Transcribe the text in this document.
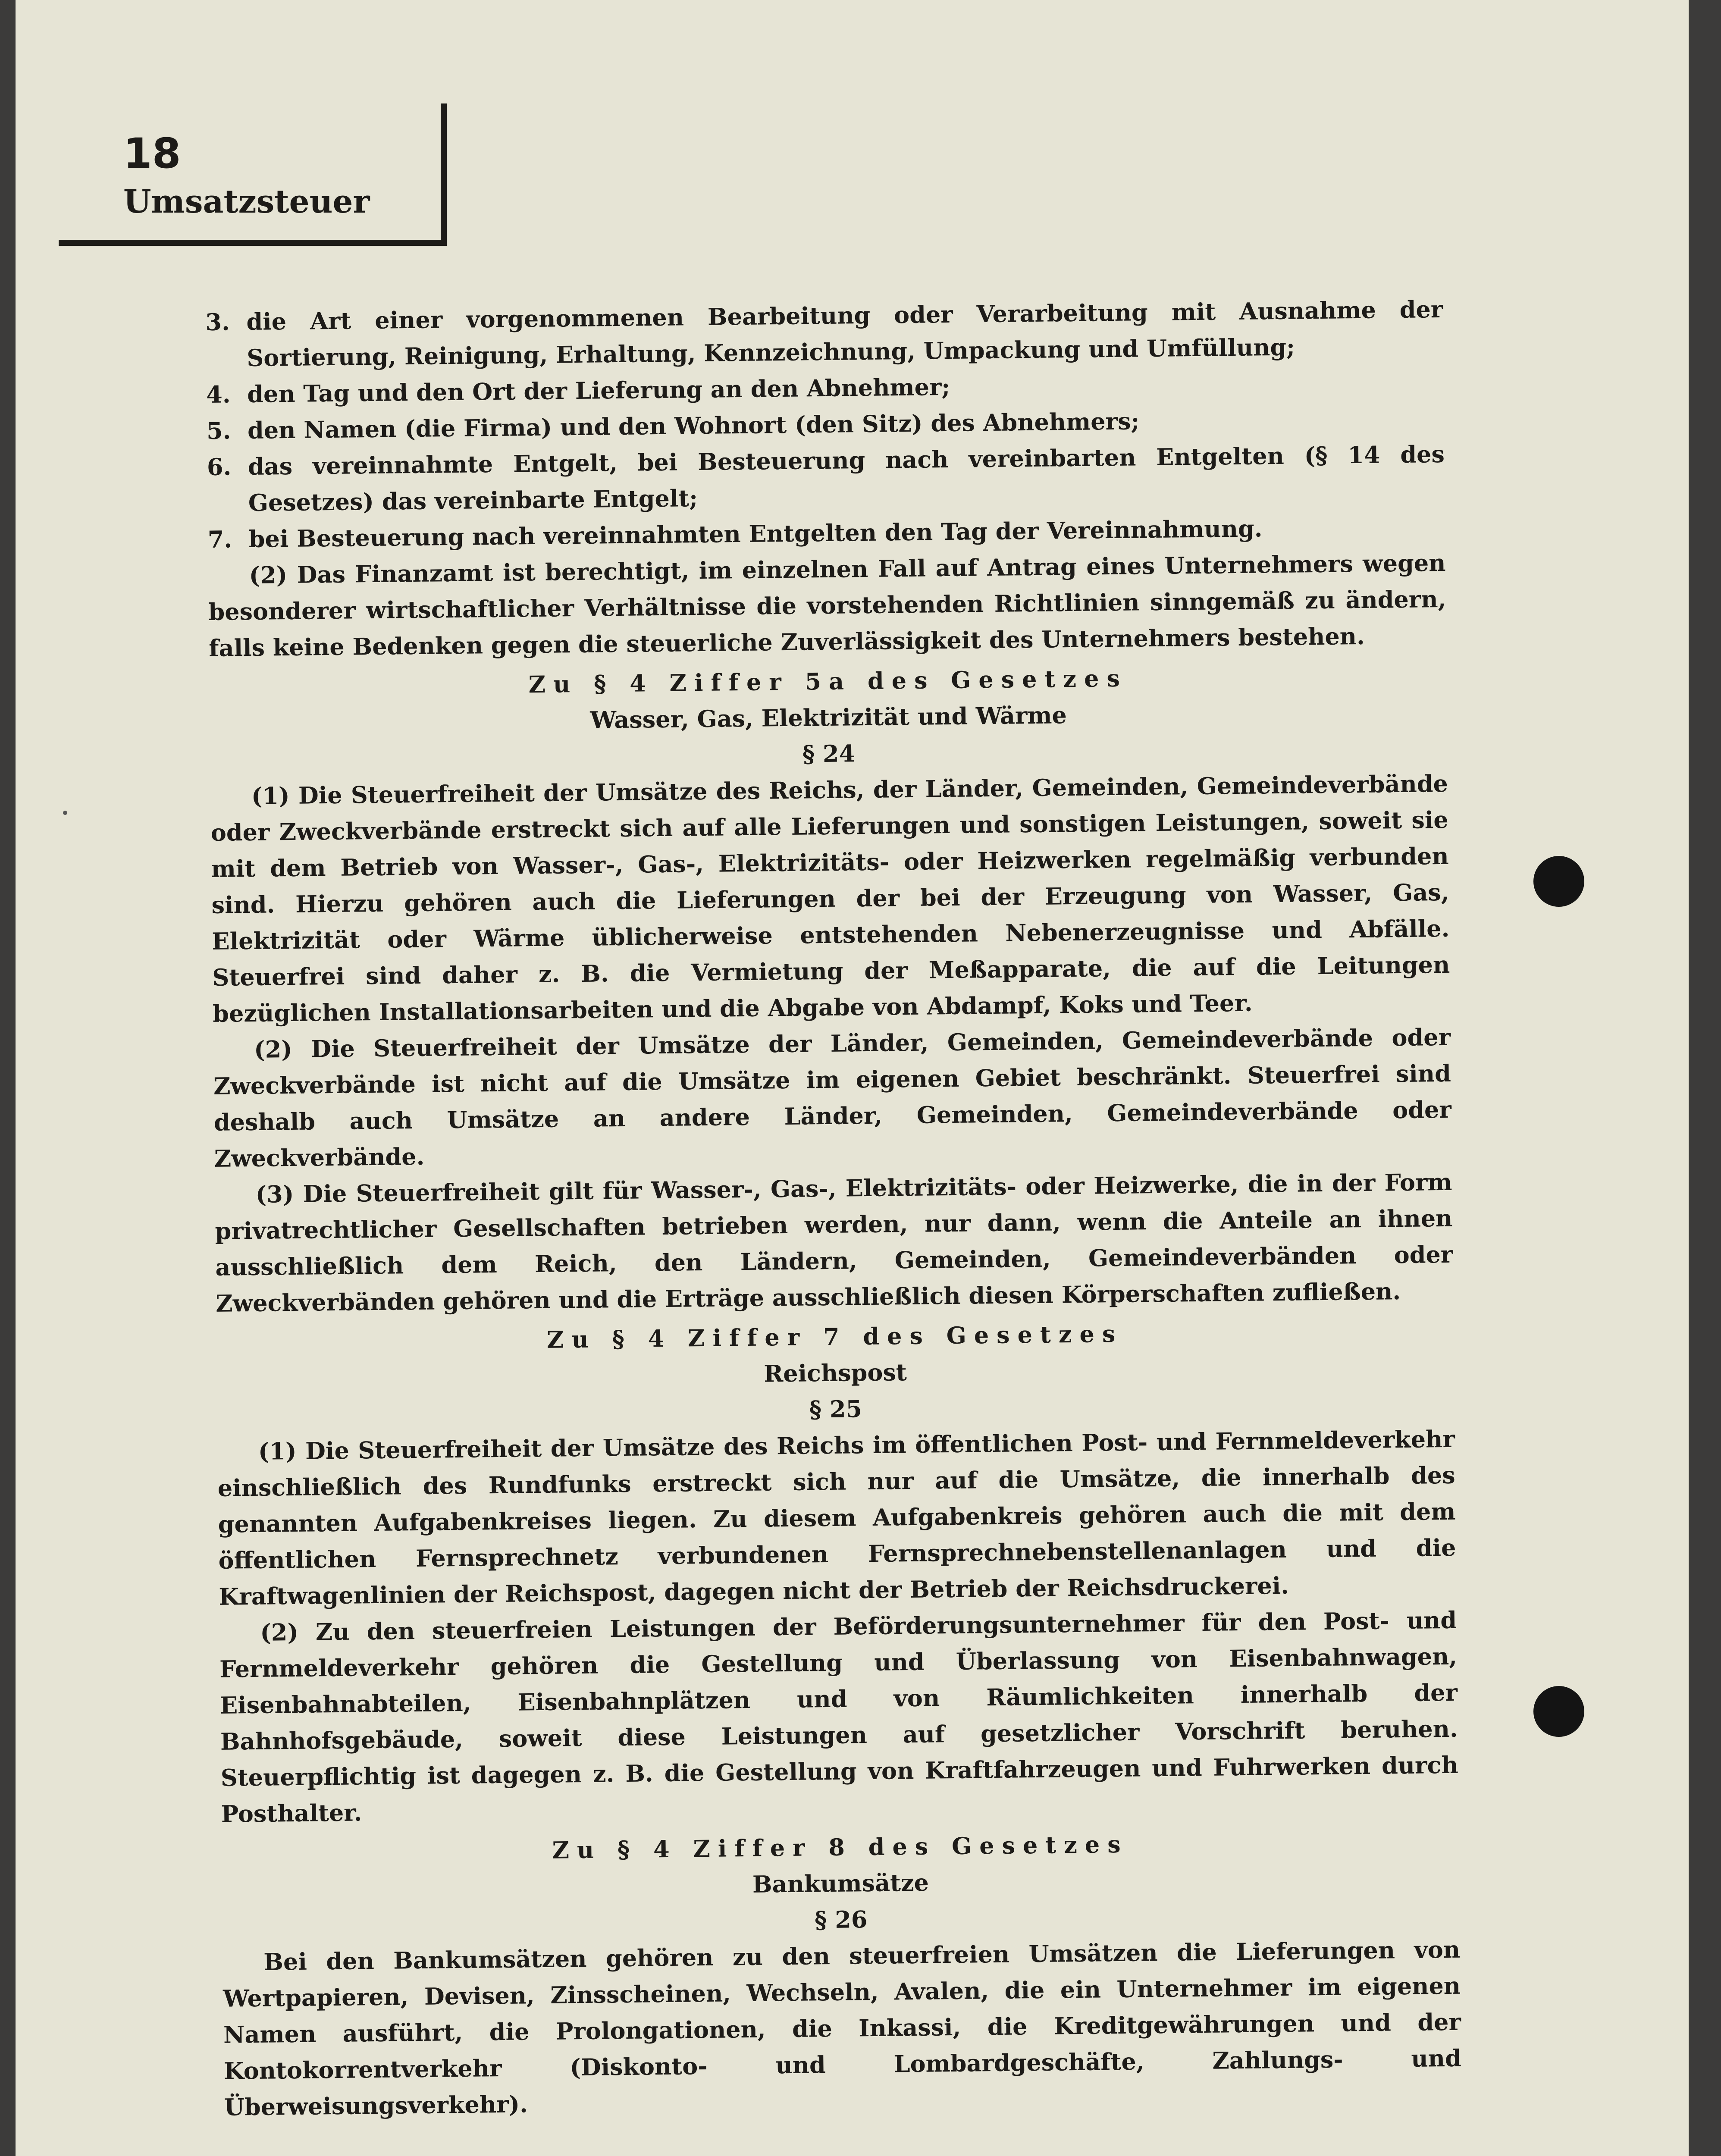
18
Umsatzsteuer
3. die Art einer vorgenommenen Bearbeitung oder Verarbeitung mit Ausnahme der Sortierung, Reinigung, Erhaltung, Kennzeichnung, Umpackung und Umfüllung;
4. den Tag und den Ort der Lieferung an den Abnehmer;
5. den Namen (die Firma) und den Wohnort (den Sitz) des Abnehmers;
6. das vereinnahmte Entgelt, bei Besteuerung nach vereinbarten Entgelten (§ 14 des Gesetzes) das vereinbarte Entgelt;
7. bei Besteuerung nach vereinnahmten Entgelten den Tag der Vereinnahmung.

(2) Das Finanzamt ist berechtigt, im einzelnen Fall auf Antrag eines Unternehmers wegen besonderer wirtschaftlicher Verhältnisse die vorstehenden Richtlinien sinngemäß zu ändern, falls keine Bedenken gegen die steuerliche Zuverlässigkeit des Unternehmers bestehen.

Zu § 4 Ziffer 5a des Gesetzes

Wasser, Gas, Elektrizität und Wärme

§ 24

(1) Die Steuerfreiheit der Umsätze des Reichs, der Länder, Gemeinden, Gemeindeverbände oder Zweckverbände erstreckt sich auf alle Lieferungen und sonstigen Leistungen, soweit sie mit dem Betrieb von Wasser-, Gas-, Elektrizitäts- oder Heizwerken regelmäßig verbunden sind. Hierzu gehören auch die Lieferungen der bei der Erzeugung von Wasser, Gas, Elektrizität oder Wärme üblicherweise entstehenden Nebenerzeugnisse und Abfälle. Steuerfrei sind daher z. B. die Vermietung der Meßapparate, die auf die Leitungen bezüglichen Installationsarbeiten und die Abgabe von Abdampf, Koks und Teer.

(2) Die Steuerfreiheit der Umsätze der Länder, Gemeinden, Gemeindeverbände oder Zweckverbände ist nicht auf die Umsätze im eigenen Gebiet beschränkt. Steuerfrei sind deshalb auch Umsätze an andere Länder, Gemeinden, Gemeindeverbände oder Zweckverbände.

(3) Die Steuerfreiheit gilt für Wasser-, Gas-, Elektrizitäts- oder Heizwerke, die in der Form privatrechtlicher Gesellschaften betrieben werden, nur dann, wenn die Anteile an ihnen ausschließlich dem Reich, den Ländern, Gemeinden, Gemeindeverbänden oder Zweckverbänden gehören und die Erträge ausschließlich diesen Körperschaften zufließen.

Zu § 4 Ziffer 7 des Gesetzes

Reichspost

§ 25

(1) Die Steuerfreiheit der Umsätze des Reichs im öffentlichen Post- und Fernmeldeverkehr einschließlich des Rundfunks erstreckt sich nur auf die Umsätze, die innerhalb des genannten Aufgabenkreises liegen. Zu diesem Aufgabenkreis gehören auch die mit dem öffentlichen Fernsprechnetz verbundenen Fernsprechnebenstellenanlagen und die Kraftwagenlinien der Reichspost, dagegen nicht der Betrieb der Reichsdruckerei.

(2) Zu den steuerfreien Leistungen der Beförderungsunternehmer für den Post- und Fernmeldeverkehr gehören die Gestellung und Überlassung von Eisenbahnwagen, Eisenbahnabteilen, Eisenbahnplätzen und von Räumlichkeiten innerhalb der Bahnhofsgebäude, soweit diese Leistungen auf gesetzlicher Vorschrift beruhen. Steuerpflichtig ist dagegen z. B. die Gestellung von Kraftfahrzeugen und Fuhrwerken durch Posthalter.

Zu § 4 Ziffer 8 des Gesetzes

Bankumsätze

§ 26

Bei den Bankumsätzen gehören zu den steuerfreien Umsätzen die Lieferungen von Wertpapieren, Devisen, Zinsscheinen, Wechseln, Avalen, die ein Unternehmer im eigenen Namen ausführt, die Prolongationen, die Inkassi, die Kreditgewährungen und der Kontokorrentverkehr (Diskonto- und Lombardgeschäfte, Zahlungs- und Überweisungsverkehr).
